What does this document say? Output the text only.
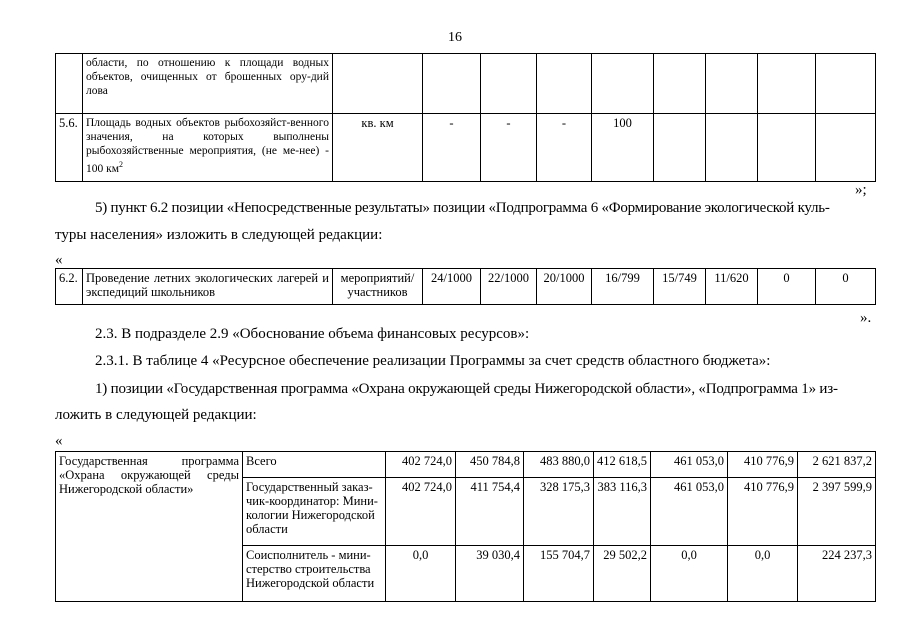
16
	области, по отношению к площади водных объектов, очищенных от брошенных ору-дий лова									
5.6.	Площадь водных объектов рыбохозяйст-венного значения, на которых выполнены рыбохозяйственные мероприятия, (не ме-нее) - 100 $км^2$	кв. км	-	-	-	100				
»;

5) пункт 6.2 позиции «Непосредственные результаты» позиции «Подпрограмма 6 «Формирование экологической куль-

туры населения» изложить в следующей редакции:

«
6.2.	Проведение летних экологических лагерей и экспедиций школьников	мероприятий/ участников	24/1000	22/1000	20/1000	16/799	15/749	11/620	0	0
».

2.3. В подразделе 2.9 «Обоснование объема финансовых ресурсов»:

2.3.1. В таблице 4 «Ресурсное обеспечение реализации Программы за счет средств областного бюджета»:

1) позиции «Государственная программа «Охрана окружающей среды Нижегородской области», «Подпрограмма 1» из-

ложить в следующей редакции:

«
Государственная программа «Охрана окружающей среды Нижегородской области»	Всего	402 724,0	450 784,8	483 880,0	412 618,5	461 053,0	410 776,9	2 621 837,2
	Государственный заказ-чик-координатор: Мини-кологии Нижегородской области	402 724,0	411 754,4	328 175,3	383 116,3	461 053,0	410 776,9	2 397 599,9
	Соисполнитель - мини-стерство строительства Нижегородской области	0,0	39 030,4	155 704,7	29 502,2	0,0	0,0	224 237,3
